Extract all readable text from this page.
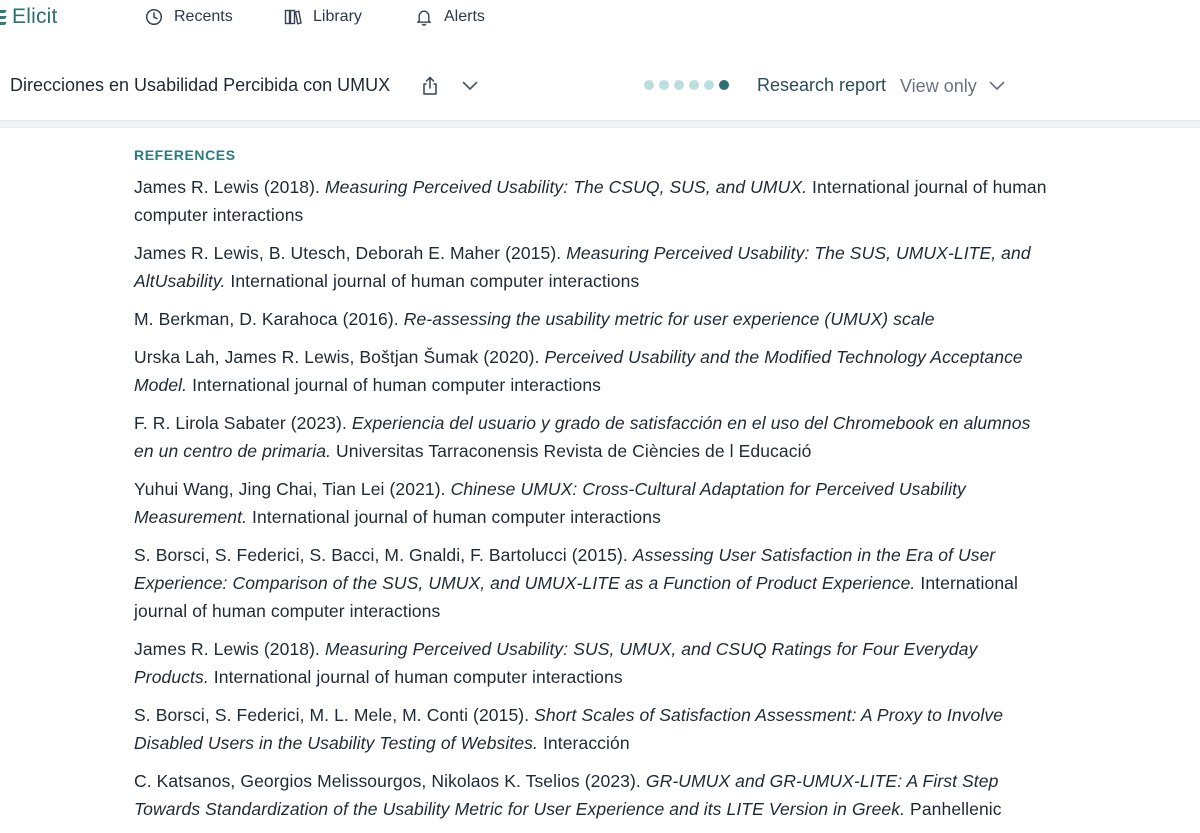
Elicit	Recents	Library	Alerts
Direcciones en Usabilidad Percibida con UMUX	Research report View only
REFERENCES

James R. Lewis (2018). Measuring Perceived Usability: The CSUQ, SUS, and UMUX. International journal of human computer interactions

James R. Lewis, B. Utesch, Deborah E. Maher (2015). Measuring Perceived Usability: The SUS, UMUX-LITE, and AltUsability. International journal of human computer interactions

M. Berkman, D. Karahoca (2016). Re-assessing the usability metric for user experience (UMUX) scale

Urska Lah, James R. Lewis, Boštjan Šumak (2020). Perceived Usability and the Modified Technology Acceptance Model. International journal of human computer interactions

F. R. Lirola Sabater (2023). Experiencia del usuario y grado de satisfacción en el uso del Chromebook en alumnos en un centro de primaria. Universitas Tarraconensis Revista de Ciències de l Educació

Yuhui Wang, Jing Chai, Tian Lei (2021). Chinese UMUX: Cross-Cultural Adaptation for Perceived Usability Measurement. International journal of human computer interactions

S. Borsci, S. Federici, S. Bacci, M. Gnaldi, F. Bartolucci (2015). Assessing User Satisfaction in the Era of User Experience: Comparison of the SUS, UMUX, and UMUX-LITE as a Function of Product Experience. International journal of human computer interactions

James R. Lewis (2018). Measuring Perceived Usability: SUS, UMUX, and CSUQ Ratings for Four Everyday Products. International journal of human computer interactions

S. Borsci, S. Federici, M. L. Mele, M. Conti (2015). Short Scales of Satisfaction Assessment: A Proxy to Involve Disabled Users in the Usability Testing of Websites. Interacción

C. Katsanos, Georgios Melissourgos, Nikolaos K. Tselios (2023). GR-UMUX and GR-UMUX-LITE: A First Step Towards Standardization of the Usability Metric for User Experience and its LITE Version in Greek. Panhellenic
